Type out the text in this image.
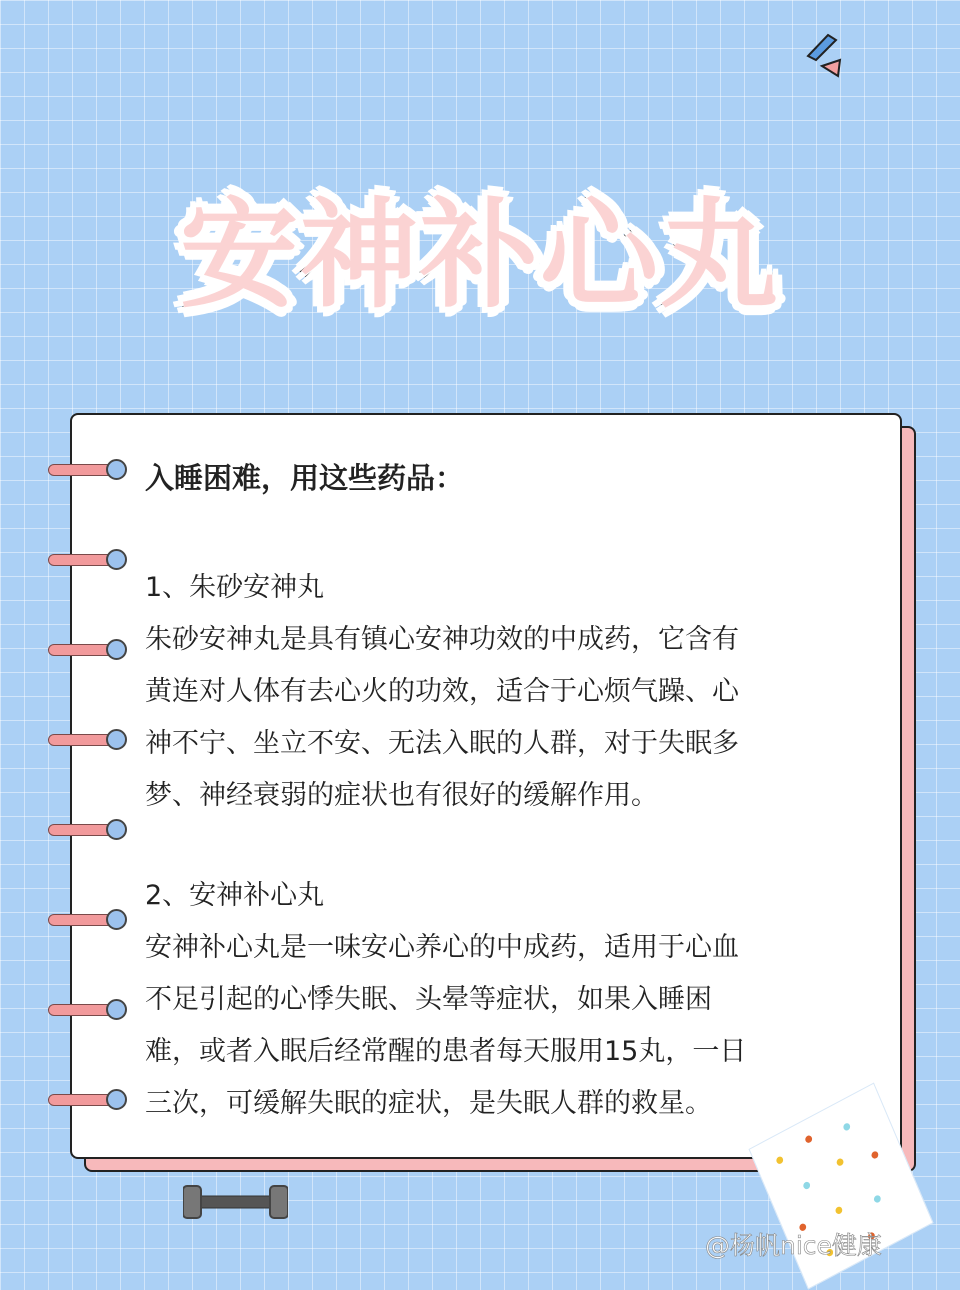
安神补心丸
入睡困难，用这些药品：
1、朱砂安神丸
朱砂安神丸是具有镇心安神功效的中成药，它含有
黄连对人体有去心火的功效，适合于心烦气躁、心
神不宁、坐立不安、无法入眠的人群，对于失眠多
梦、神经衰弱的症状也有很好的缓解作用。
2、安神补心丸
安神补心丸是一味安心养心的中成药，适用于心血
不足引起的心悸失眠、头晕等症状，如果入睡困
难，或者入眠后经常醒的患者每天服用15丸，一日
三次，可缓解失眠的症状，是失眠人群的救星。
@杨帆nice健康
